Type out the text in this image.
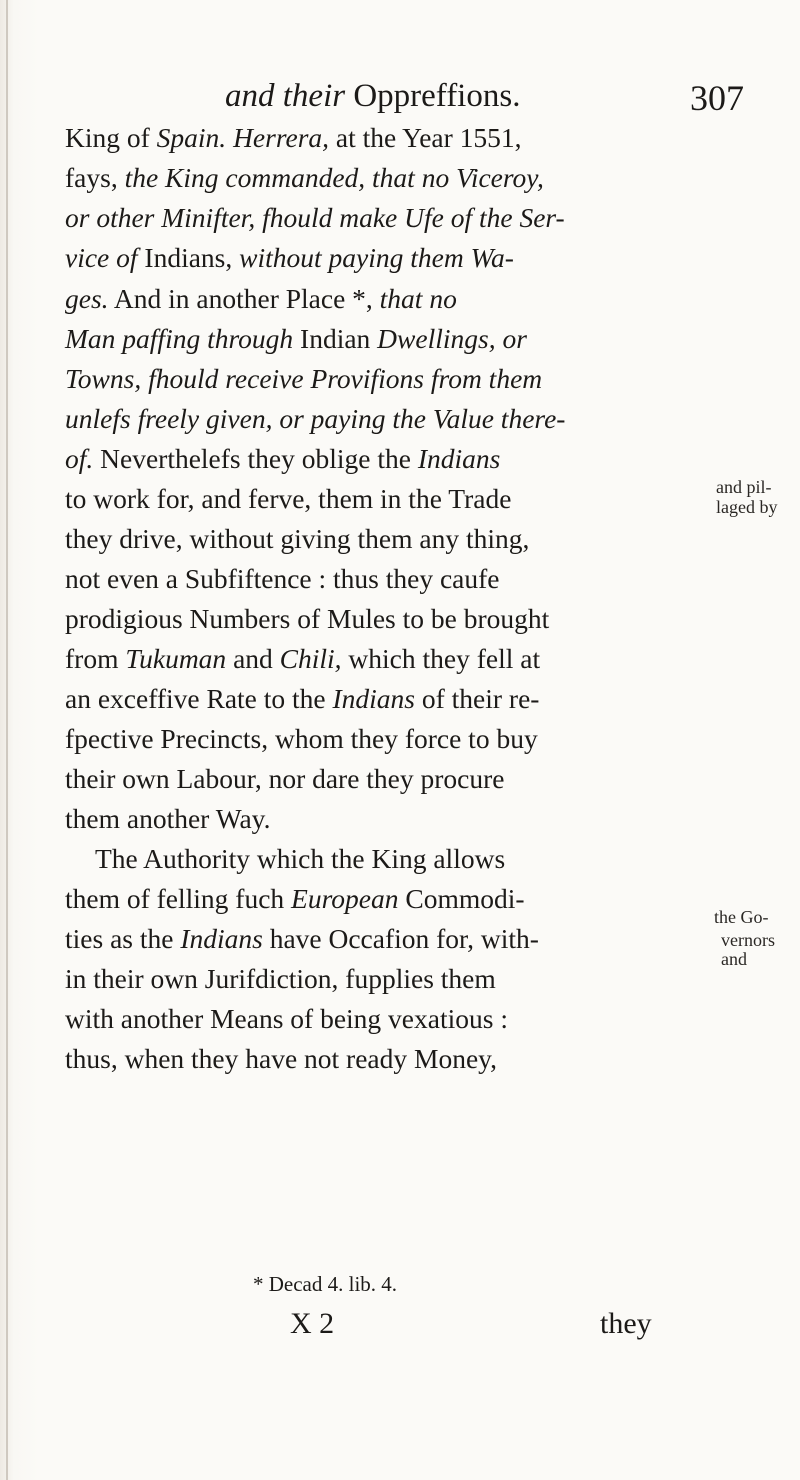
and their Oppreffions.	307
King of Spain. Herrera, at the Year 1551,
fays, the King commanded, that no Viceroy,
or other Minifter, fhould make Ufe of the Ser-
vice of Indians, without paying them Wa-
ges. And in another Place *, that no
Man paffing through Indian Dwellings, or
Towns, fhould receive Provifions from them
unlefs freely given, or paying the Value there-
of. Neverthelefs they oblige the Indians
to work for, and ferve, them in the Trade
they drive, without giving them any thing,
not even a Subfiftence : thus they caufe
prodigious Numbers of Mules to be brought
from Tukuman and Chili, which they fell at
an exceffive Rate to the Indians of their re-
fpective Precincts, whom they force to buy
their own Labour, nor dare they procure
them another Way.
The Authority which the King allows
them of felling fuch European Commodi-
ties as the Indians have Occafion for, with-
in their own Jurifdiction, fupplies them
with another Means of being vexatious :
thus, when they have not ready Money,
and pil-
laged by
the Go-
vernors
and
* Decad 4. lib. 4.
X 2	they
